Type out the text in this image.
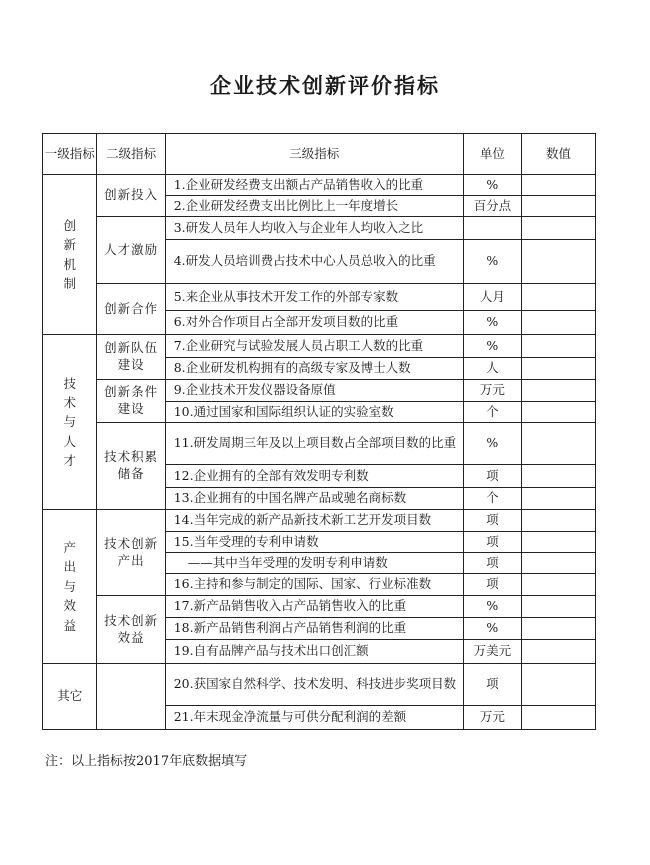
企业技术创新评价指标
一级指标	二级指标	三级指标	单位	数值
创新机制	创新投入	1.企业研发经费支出额占产品销售收入的比重	%	
		2.企业研发经费支出比例比上一年度增长	百分点	
	人才激励	3.研发人员年人均收入与企业年人均收入之比		
		4.研发人员培训费占技术中心人员总收入的比重	%	
	创新合作	5.来企业从事技术开发工作的外部专家数	人月	
		6.对外合作项目占全部开发项目数的比重	%	
技术与人才	创新队伍建设	7.企业研究与试验发展人员占职工人数的比重	%	
		8.企业研发机构拥有的高级专家及博士人数	人	
	创新条件建设	9.企业技术开发仪器设备原值	万元	
		10.通过国家和国际组织认证的实验室数	个	
	技术积累储备	11.研发周期三年及以上项目数占全部项目数的比重	%	
		12.企业拥有的全部有效发明专利数	项	
		13.企业拥有的中国名牌产品或驰名商标数	个	
产出与效益	技术创新产出	14.当年完成的新产品新技术新工艺开发项目数	项	
		15.当年受理的专利申请数	项	
		——其中当年受理的发明专利申请数	项	
		16.主持和参与制定的国际、国家、行业标准数	项	
	技术创新效益	17.新产品销售收入占产品销售收入的比重	%	
		18.新产品销售利润占产品销售利润的比重	%	
		19.自有品牌产品与技术出口创汇额	万美元	
其它		20.获国家自然科学、技术发明、科技进步奖项目数	项	
		21.年末现金净流量与可供分配利润的差额	万元	
注：以上指标按2017年底数据填写
